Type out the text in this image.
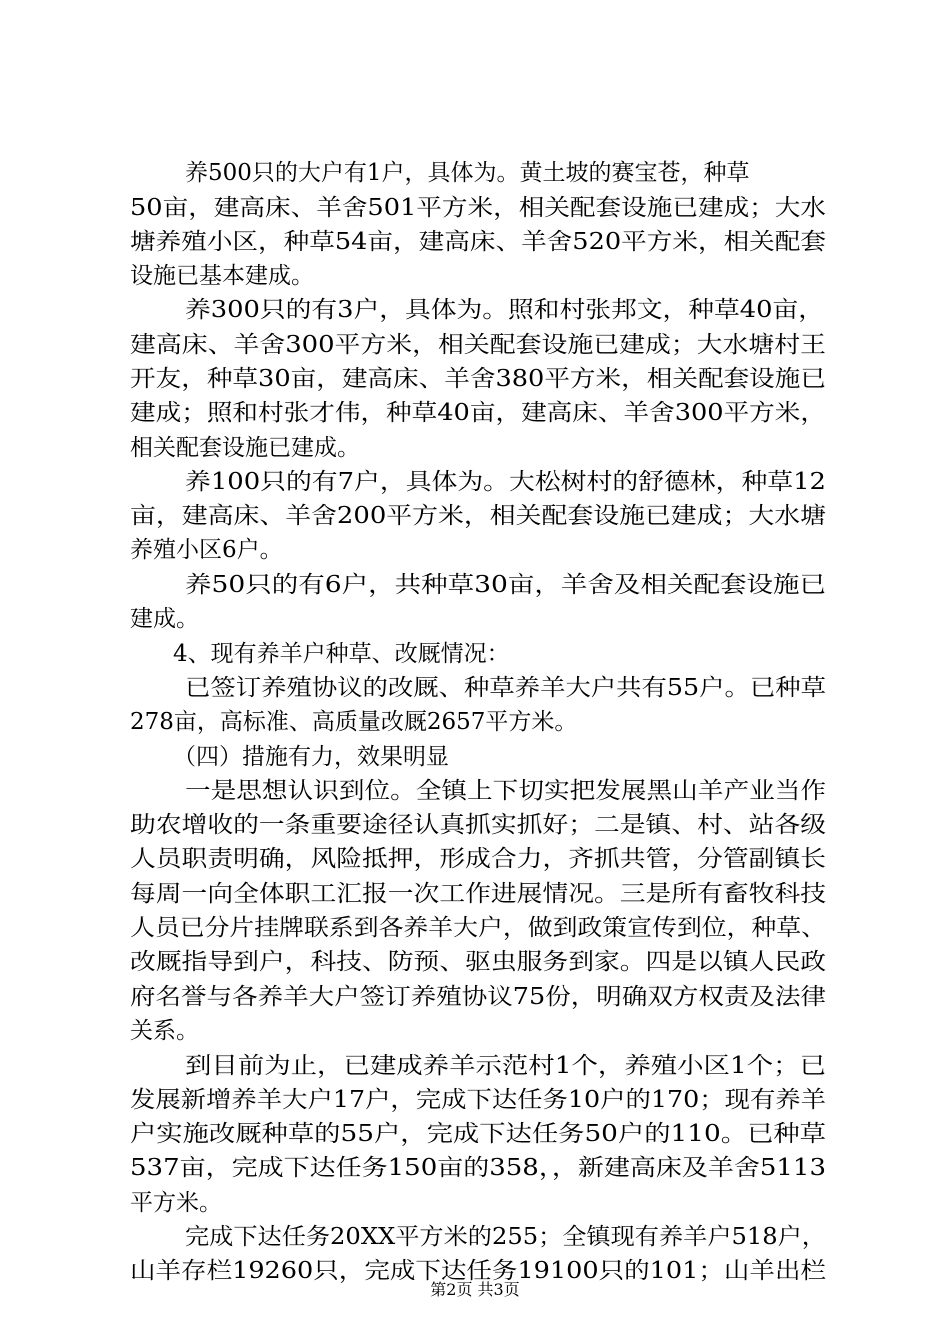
养500只的大户有1户，具体为。黄土坡的赛宝苍，种草
50亩，建高床、羊舍501平方米，相关配套设施已建成；大水
塘养殖小区，种草54亩，建高床、羊舍520平方米，相关配套
设施已基本建成。
养300只的有3户，具体为。照和村张邦文，种草40亩，
建高床、羊舍300平方米，相关配套设施已建成；大水塘村王
开友，种草30亩，建高床、羊舍380平方米，相关配套设施已
建成；照和村张才伟，种草40亩，建高床、羊舍300平方米，
相关配套设施已建成。
养100只的有7户，具体为。大松树村的舒德林，种草12
亩，建高床、羊舍200平方米，相关配套设施已建成；大水塘
养殖小区6户。
养50只的有6户，共种草30亩，羊舍及相关配套设施已
建成。
4、现有养羊户种草、改厩情况：
已签订养殖协议的改厩、种草养羊大户共有55户。已种草
278亩，高标准、高质量改厩2657平方米。
（四）措施有力，效果明显
一是思想认识到位。全镇上下切实把发展黑山羊产业当作
助农增收的一条重要途径认真抓实抓好；二是镇、村、站各级
人员职责明确，风险抵押，形成合力，齐抓共管，分管副镇长
每周一向全体职工汇报一次工作进展情况。三是所有畜牧科技
人员已分片挂牌联系到各养羊大户，做到政策宣传到位，种草、
改厩指导到户，科技、防预、驱虫服务到家。四是以镇人民政
府名誉与各养羊大户签订养殖协议75份，明确双方权责及法律
关系。
到目前为止，已建成养羊示范村1个，养殖小区1个；已
发展新增养羊大户17户，完成下达任务10户的170；现有养羊
户实施改厩种草的55户，完成下达任务50户的110。已种草
537亩，完成下达任务150亩的358，，新建高床及羊舍5113
平方米。
完成下达任务20XX平方米的255；全镇现有养羊户518户，
山羊存栏19260只，完成下达任务19100只的101；山羊出栏
第2页 共3页
